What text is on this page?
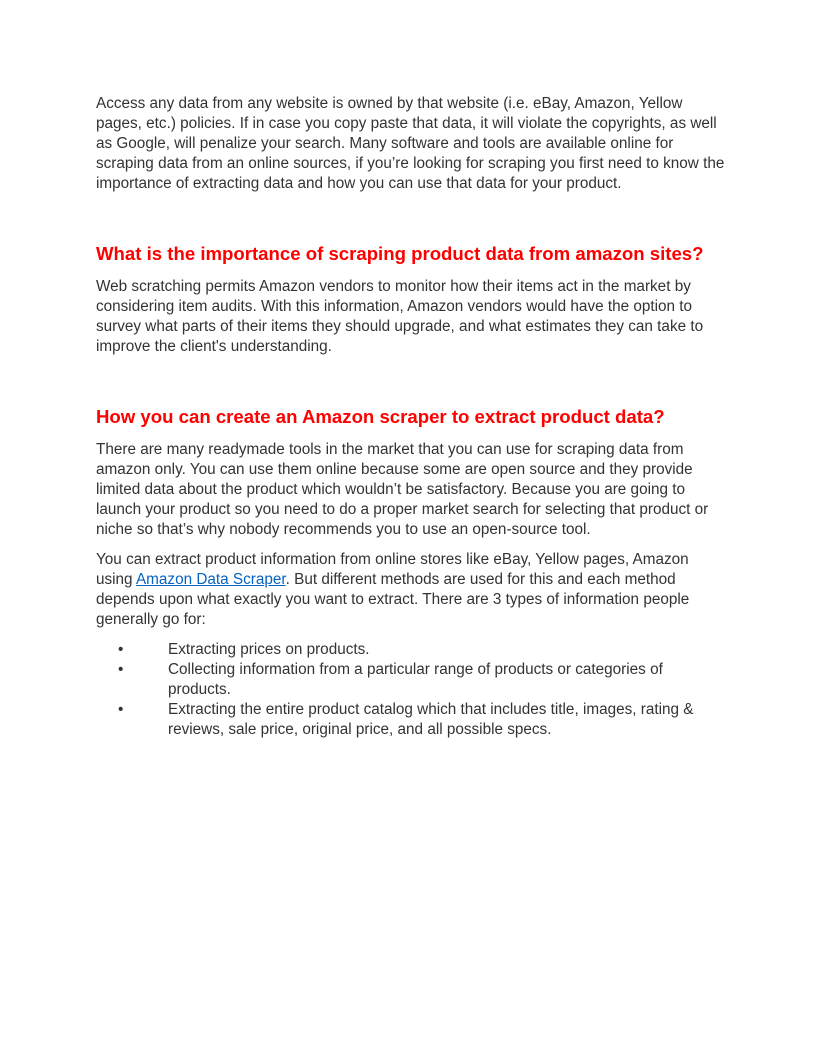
Access any data from any website is owned by that website (i.e. eBay, Amazon, Yellow pages, etc.) policies. If in case you copy paste that data, it will violate the copyrights, as well as Google, will penalize your search. Many software and tools are available online for scraping data from an online sources, if you’re looking for scraping you first need to know the importance of extracting data and how you can use that data for your product.

What is the importance of scraping product data from amazon sites?

Web scratching permits Amazon vendors to monitor how their items act in the market by considering item audits. With this information, Amazon vendors would have the option to survey what parts of their items they should upgrade, and what estimates they can take to improve the client's understanding.

How you can create an Amazon scraper to extract product data?

There are many readymade tools in the market that you can use for scraping data from amazon only. You can use them online because some are open source and they provide limited data about the product which wouldn’t be satisfactory. Because you are going to launch your product so you need to do a proper market search for selecting that product or niche so that’s why nobody recommends you to use an open-source tool.

You can extract product information from online stores like eBay, Yellow pages, Amazon using Amazon Data Scraper. But different methods are used for this and each method depends upon what exactly you want to extract. There are 3 types of information people generally go for:

•	Extracting prices on products.
•	Collecting information from a particular range of products or categories of products.
•	Extracting the entire product catalog which that includes title, images, rating & reviews, sale price, original price, and all possible specs.
